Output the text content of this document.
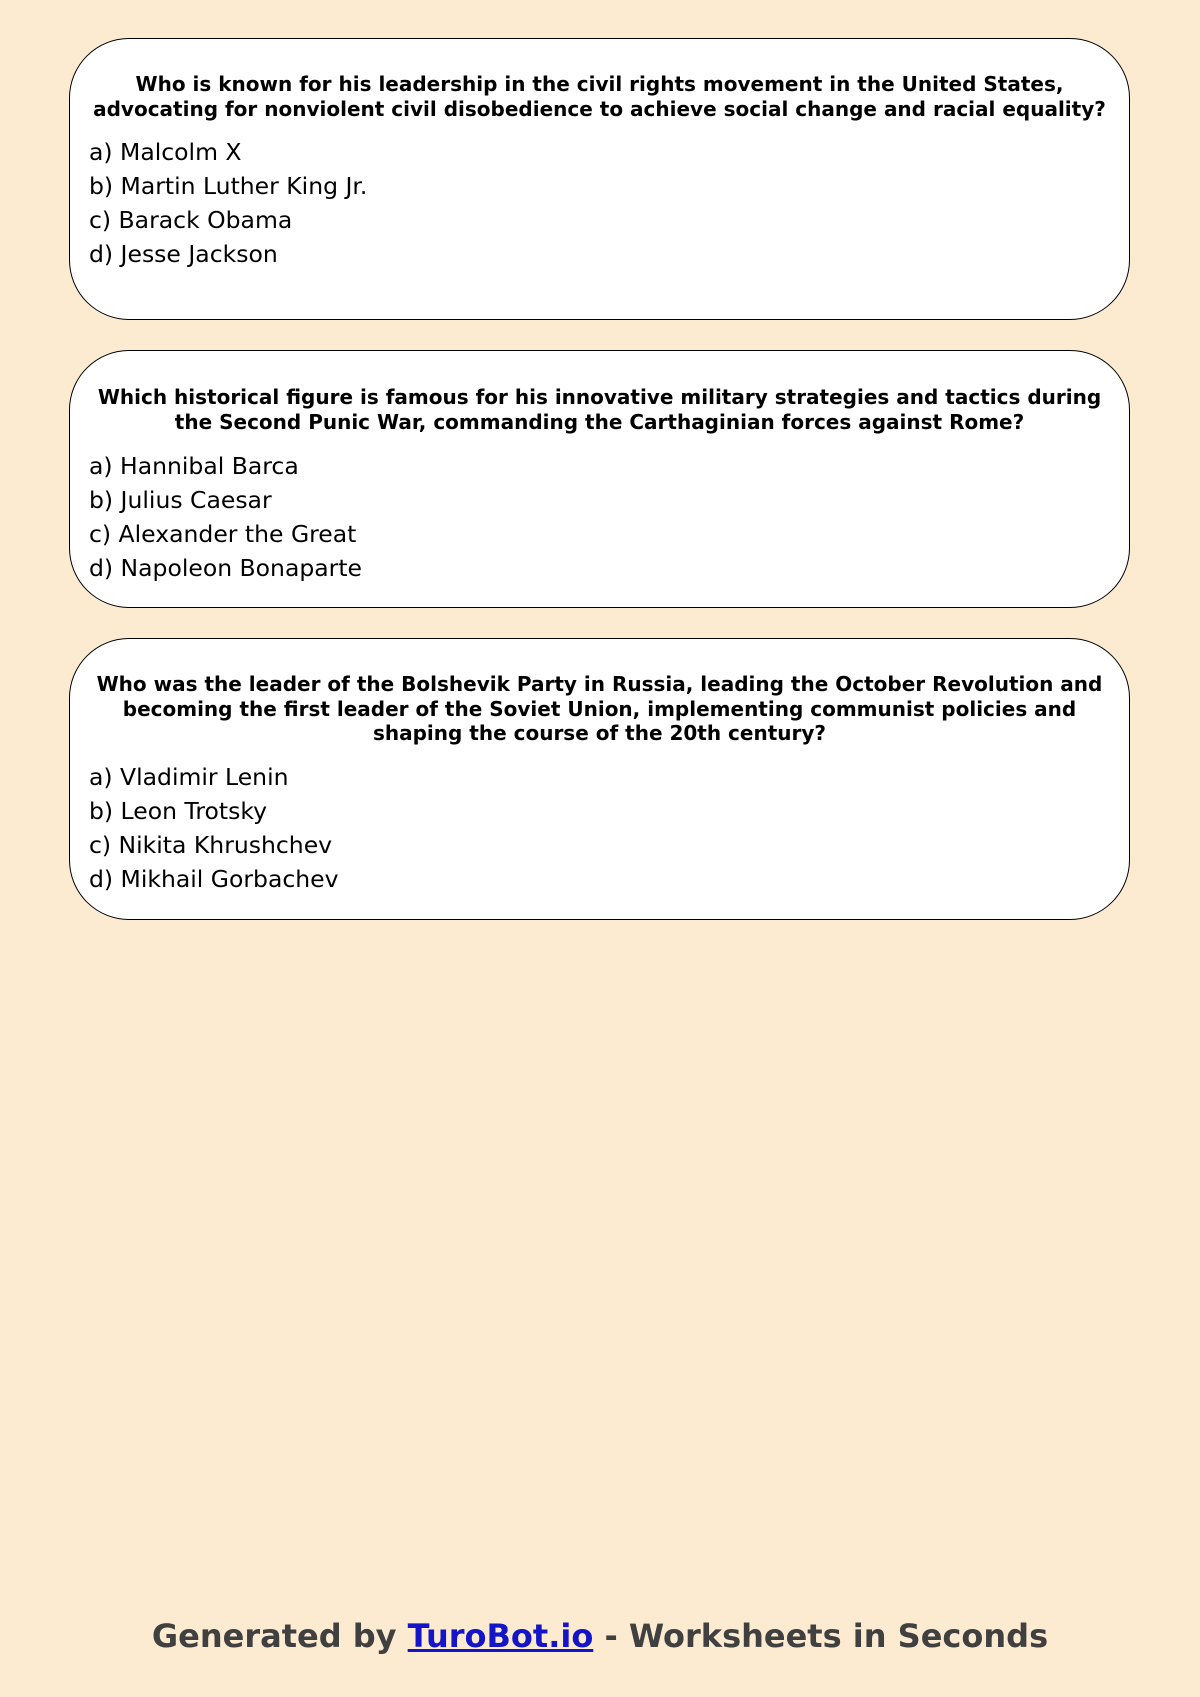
Who is known for his leadership in the civil rights movement in the United States, advocating for nonviolent civil disobedience to achieve social change and racial equality?

a) Malcolm X
b) Martin Luther King Jr.
c) Barack Obama
d) Jesse Jackson

Which historical figure is famous for his innovative military strategies and tactics during the Second Punic War, commanding the Carthaginian forces against Rome?

a) Hannibal Barca
b) Julius Caesar
c) Alexander the Great
d) Napoleon Bonaparte

Who was the leader of the Bolshevik Party in Russia, leading the October Revolution and becoming the first leader of the Soviet Union, implementing communist policies and shaping the course of the 20th century?

a) Vladimir Lenin
b) Leon Trotsky
c) Nikita Khrushchev
d) Mikhail Gorbachev
Generated by TuroBot.io - Worksheets in Seconds
